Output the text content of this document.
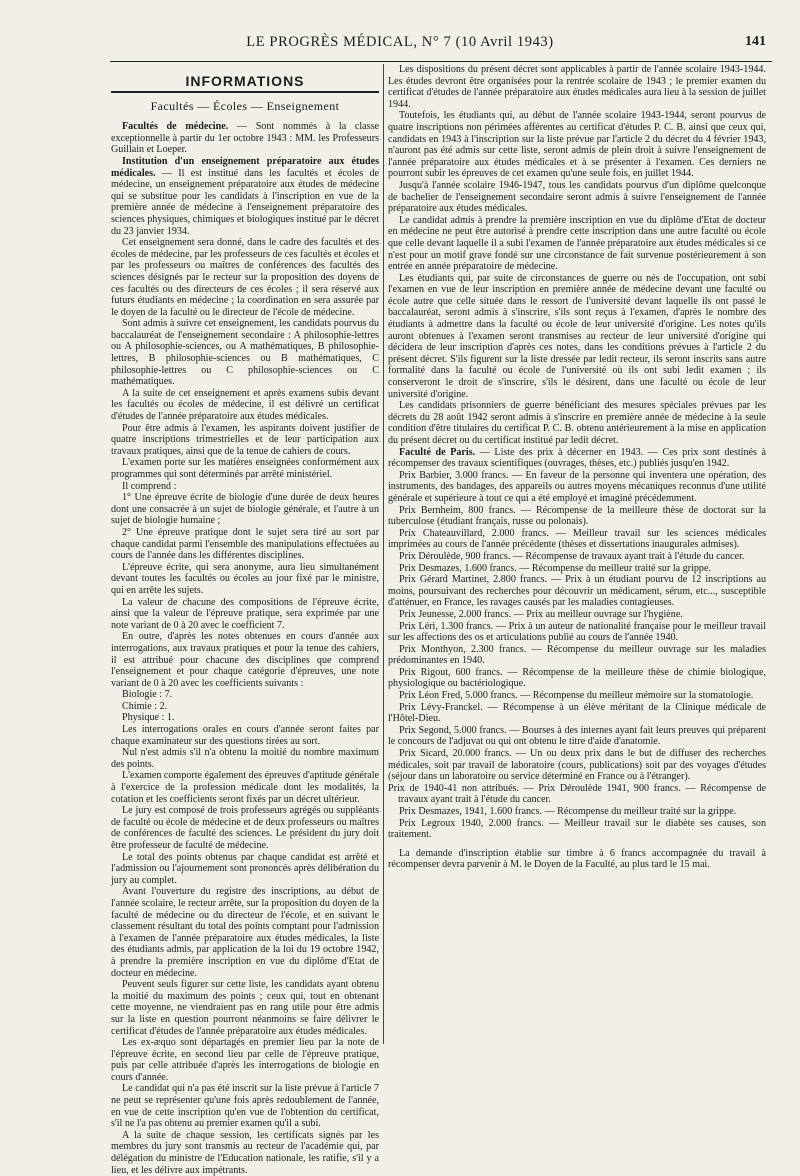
LE PROGRÈS MÉDICAL, N° 7 (10 Avril 1943)	141
INFORMATIONS
Facultés — Écoles — Enseignement

Facultés de médecine. — Sont nommés à la classe exceptionnelle à partir du 1er octobre 1943 : MM. les Professeurs Guillain et Loeper.

Institution d'un enseignement préparatoire aux études médicales. — Il est institué dans les facultés et écoles de médecine, un enseignement préparatoire aux études de médecine qui se substitue pour les candidats à l'inscription en vue de la première année de médecine à l'enseignement préparatoire des sciences physiques, chimiques et biologiques institué par le décret du 23 janvier 1934.

Cet enseignement sera donné, dans le cadre des facultés et des écoles de médecine, par les professeurs de ces facultés et écoles et par les professeurs ou maîtres de conférences des facultés des sciences désignés par le recteur sur la proposition des doyens de ces facultés ou des directeurs de ces écoles ; il sera réservé aux futurs étudiants en médecine ; la coordination en sera assurée par le doyen de la faculté ou le directeur de l'école de médecine.

Sont admis à suivre cet enseignement, les candidats pourvus du baccalauréat de l'enseignement secondaire : A philosophie-lettres ou A philosophie-sciences, ou A mathématiques, B philosophie-lettres, B philosophie-sciences ou B mathématiques, C philosophie-lettres ou C philosophie-sciences ou C mathématiques.

A la suite de cet enseignement et après examens subis devant les facultés ou écoles de médecine, il est délivré un certificat d'études de l'année préparatoire aux études médicales.

Pour être admis à l'examen, les aspirants doivent justifier de quatre inscriptions trimestrielles et de leur participation aux travaux pratiques, ainsi que de la tenue de cahiers de cours.

L'examen porte sur les matières enseignées conformément aux programmes qui sont déterminés par arrêté ministériel.

Il comprend :

1° Une épreuve écrite de biologie d'une durée de deux heures dont une consacrée à un sujet de biologie générale, et l'autre à un sujet de biologie humaine ;

2° Une épreuve pratique dont le sujet sera tiré au sort par chaque candidat parmi l'ensemble des manipulations effectuées au cours de l'année dans les différentes disciplines.

L'épreuve écrite, qui sera anonyme, aura lieu simultanément devant toutes les facultés ou écoles au jour fixé par le ministre, qui en arrête les sujets.

La valeur de chacune des compositions de l'épreuve écrite, ainsi que la valeur de l'épreuve pratique, sera exprimée par une note variant de 0 à 20 avec le coefficient 7.

En outre, d'après les notes obtenues en cours d'année aux interrogations, aux travaux pratiques et pour la tenue des cahiers, il est attribué pour chacune des disciplines que comprend l'enseignement et pour chaque catégorie d'épreuves, une note variant de 0 à 20 avec les coefficients suivants :

Biologie : 7.

Chimie : 2.

Physique : 1.

Les interrogations orales en cours d'année seront faites par chaque examinateur sur des questions tirées au sort.

Nul n'est admis s'il n'a obtenu la moitié du nombre maximum des points.

L'examen comporte également des épreuves d'aptitude générale à l'exercice de la profession médicale dont les modalités, la cotation et les coefficients seront fixés par un décret ultérieur.

Le jury est composé de trois professeurs agrégés ou suppléants de faculté ou école de médecine et de deux professeurs ou maîtres de conférences de faculté des sciences. Le président du jury doit être professeur de faculté de médecine.

Le total des points obtenus par chaque candidat est arrêté et l'admission ou l'ajournement sont prononcés après délibération du jury au complet.

Avant l'ouverture du registre des inscriptions, au début de l'année scolaire, le recteur arrête, sur la proposition du doyen de la faculté de médecine ou du directeur de l'école, et en suivant le classement résultant du total des points comptant pour l'admission à l'examen de l'année préparatoire aux études médicales, la liste des étudiants admis, par application de la loi du 19 octobre 1942, à prendre la première inscription en vue du diplôme d'Etat de docteur en médecine.

Peuvent seuls figurer sur cette liste, les candidats ayant obtenu la moitié du maximum des points ; ceux qui, tout en obtenant cette moyenne, ne viendraient pas en rang utile pour être admis sur la liste en question pourront néanmoins se faire délivrer le certificat d'études de l'année préparatoire aux études médicales.

Les ex-æquo sont départagés en premier lieu par la note de l'épreuve écrite, en second lieu par celle de l'épreuve pratique, puis par celle attribuée d'après les interrogations de biologie en cours d'année.

Le candidat qui n'a pas été inscrit sur la liste prévue à l'article 7 ne peut se représenter qu'une fois après redoublement de l'année, en vue de cette inscription qu'en vue de l'obtention du certificat, s'il ne l'a pas obtenu au premier examen qu'il a subi.

A la suite de chaque session, les certificats signés par les membres du jury sont transmis au recteur de l'académie qui, par délégation du ministre de l'Education nationale, les ratifie, s'il y a lieu, et les délivre aux impétrants.

Les dispositions du présent décret sont applicables à partir de l'année scolaire 1943-1944. Les études devront être organisées pour la rentrée scolaire de 1943 ; le premier examen du certificat d'études de l'année préparatoire aux études médicales aura lieu à la session de juillet 1944.

Toutefois, les étudiants qui, au début de l'année scolaire 1943-1944, seront pourvus de quatre inscriptions non périmées afférentes au certificat d'études P. C. B. ainsi que ceux qui, candidats en 1943 à l'inscription sur la liste prévue par l'article 2 du décret du 4 février 1943, n'auront pas été admis sur cette liste, seront admis de plein droit à suivre l'enseignement de l'année préparatoire aux études médicales et à se présenter à l'examen. Ces derniers ne pourront subir les épreuves de cet examen qu'une seule fois, en juillet 1944.

Jusqu'à l'année scolaire 1946-1947, tous les candidats pourvus d'un diplôme quelconque de bachelier de l'enseignement secondaire seront admis à suivre l'enseignement de l'année préparatoire aux études médicales.

Le candidat admis à prendre la première inscription en vue du diplôme d'Etat de docteur en médecine ne peut être autorisé à prendre cette inscription dans une autre faculté ou école que celle devant laquelle il a subi l'examen de l'année préparatoire aux études médicales si ce n'est pour un motif grave fondé sur une circonstance de fait survenue postérieurement à son entrée en année préparatoire de médecine.

Les étudiants qui, par suite de circonstances de guerre ou nés de l'occupation, ont subi l'examen en vue de leur inscription en première année de médecine devant une faculté ou école autre que celle située dans le ressort de l'université devant laquelle ils ont passé le baccalauréat, seront admis à s'inscrire, s'ils sont reçus à l'examen, d'après le nombre des étudiants à admettre dans la faculté ou école de leur université d'origine. Les notes qu'ils auront obtenues à l'examen seront transmises au recteur de leur université d'origine qui décidera de leur inscription d'après ces notes, dans les conditions prévues à l'article 2 du présent décret. S'ils figurent sur la liste dressée par ledit recteur, ils seront inscrits sans autre formalité dans la faculté ou école de l'université où ils ont subi ledit examen ; ils conserveront le droit de s'inscrire, s'ils le désirent, dans une faculté ou école de leur université d'origine.

Les candidats prisonniers de guerre bénéficiant des mesures spéciales prévues par les décrets du 28 août 1942 seront admis à s'inscrire en première année de médecine à la seule condition d'être titulaires du certificat P. C. B. obtenu antérieurement à la mise en application du présent décret ou du certificat institué par ledit décret.

Faculté de Paris. — Liste des prix à décerner en 1943. — Ces prix sont destinés à récompenser des travaux scientifiques (ouvrages, thèses, etc.) publiés jusqu'en 1942.

Prix Barbier, 3.000 francs. — En faveur de la personne qui inventera une opération, des instruments, des bandages, des appareils ou autres moyens mécaniques reconnus d'une utilité générale et supérieure à tout ce qui a été employé et imaginé précédemment.

Prix Bernheim, 800 francs. — Récompense de la meilleure thèse de doctorat sur la tuberculose (étudiant français, russe ou polonais).

Prix Chateauvillard, 2.000 francs. — Meilleur travail sur les sciences médicales imprimées au cours de l'année précédente (thèses et dissertations inaugurales admises).

Prix Déroulède, 900 francs. — Récompense de travaux ayant trait à l'étude du cancer.

Prix Desmazes, 1.600 francs. — Récompense du meilleur traité sur la grippe.

Prix Gérard Martinet, 2.800 francs. — Prix à un étudiant pourvu de 12 inscriptions au moins, poursuivant des recherches pour découvrir un médicament, sérum, etc..., susceptible d'atténuer, en France, les ravages causés par les maladies contagieuses.

Prix Jeunesse, 2.000 francs. — Prix au meilleur ouvrage sur l'hygiène.

Prix Léri, 1.300 francs. — Prix à un auteur de nationalité française pour le meilleur travail sur les affections des os et articulations publié au cours de l'année 1940.

Prix Monthyon, 2.300 francs. — Récompense du meilleur ouvrage sur les maladies prédominantes en 1940.

Prix Rigout, 600 francs. — Récompense de la meilleure thèse de chimie biologique, physiologique ou bactériologique.

Prix Léon Fred, 5.000 francs. — Récompense du meilleur mémoire sur la stomatologie.

Prix Lévy-Franckel. — Récompense à un élève méritant de la Clinique médicale de l'Hôtel-Dieu.

Prix Segond, 5.000 francs. — Bourses à des internes ayant fait leurs preuves qui préparent le concours de l'adjuvat ou qui ont obtenu le titre d'aide d'anatomie.

Prix Sicard, 20.000 francs. — Un ou deux prix dans le but de diffuser des recherches médicales, soit par travail de laboratoire (cours, publications) soit par des voyages d'études (séjour dans un laboratoire ou service déterminé en France ou à l'étranger).

Prix de 1940-41 non attribués. — Prix Déroulède 1941, 900 francs. — Récompense de travaux ayant trait à l'étude du cancer.

Prix Desmazes, 1941, 1.600 francs. — Récompense du meilleur traité sur la grippe.

Prix Legroux 1940, 2.000 francs. — Meilleur travail sur le diabète ses causes, son traitement.

La demande d'inscription établie sur timbre à 6 francs accompagnée du travail à récompenser devra parvenir à M. le Doyen de la Faculté, au plus tard le 15 mai.
